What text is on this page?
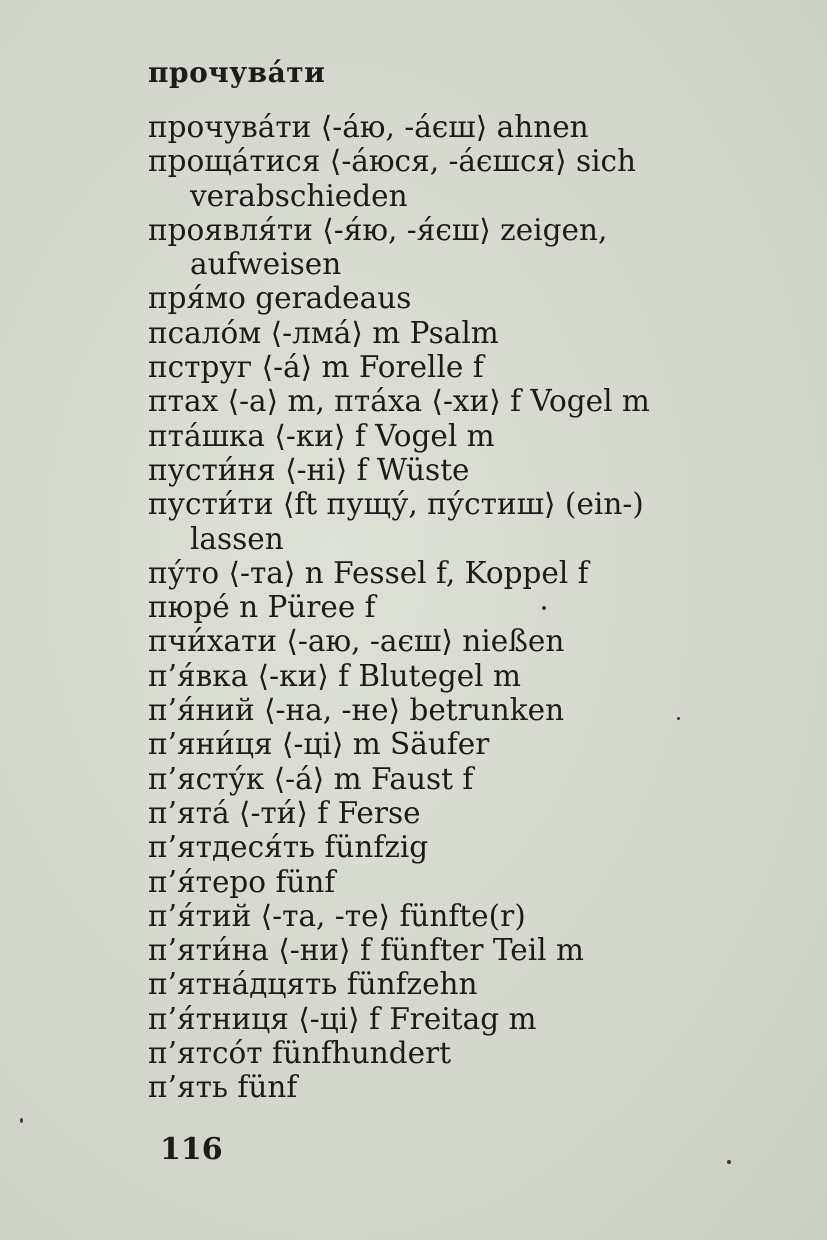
прочува́ти
прочува́ти ⟨-а́ю, -а́єш⟩ ahnen
проща́тися ⟨-а́юся, -а́єшся⟩ sich
verabschieden
проявля́ти ⟨-я́ю, -я́єш⟩ zeigen,
aufweisen
пря́мо geradeaus
псало́м ⟨-лма́⟩ m Psalm
пструг ⟨-а́⟩ m Forelle f
птах ⟨-а⟩ m, пта́ха ⟨-хи⟩ f Vogel m
пта́шка ⟨-ки⟩ f Vogel m
пусти́ня ⟨-ні⟩ f Wüste
пусти́ти ⟨ft пущу́, пу́стиш⟩ (ein-)
lassen
пу́то ⟨-та⟩ n Fessel f, Koppel f
пюре́ n Püree f
пчи́хати ⟨-аю, -аєш⟩ nießen
п’я́вка ⟨-ки⟩ f Blutegel m
п’я́ний ⟨-на, -не⟩ betrunken
п’яни́ця ⟨-ці⟩ m Säufer
п’ясту́к ⟨-а́⟩ m Faust f
п’ята́ ⟨-ти́⟩ f Ferse
п’ятдеся́ть fünfzig
п’я́теро fünf
п’я́тий ⟨-та, -те⟩ fünfte(r)
п’яти́на ⟨-ни⟩ f fünfter Teil m
п’ятна́дцять fünfzehn
п’я́тниця ⟨-ці⟩ f Freitag m
п’ятсо́т fünfhundert
п’ять fünf
116
